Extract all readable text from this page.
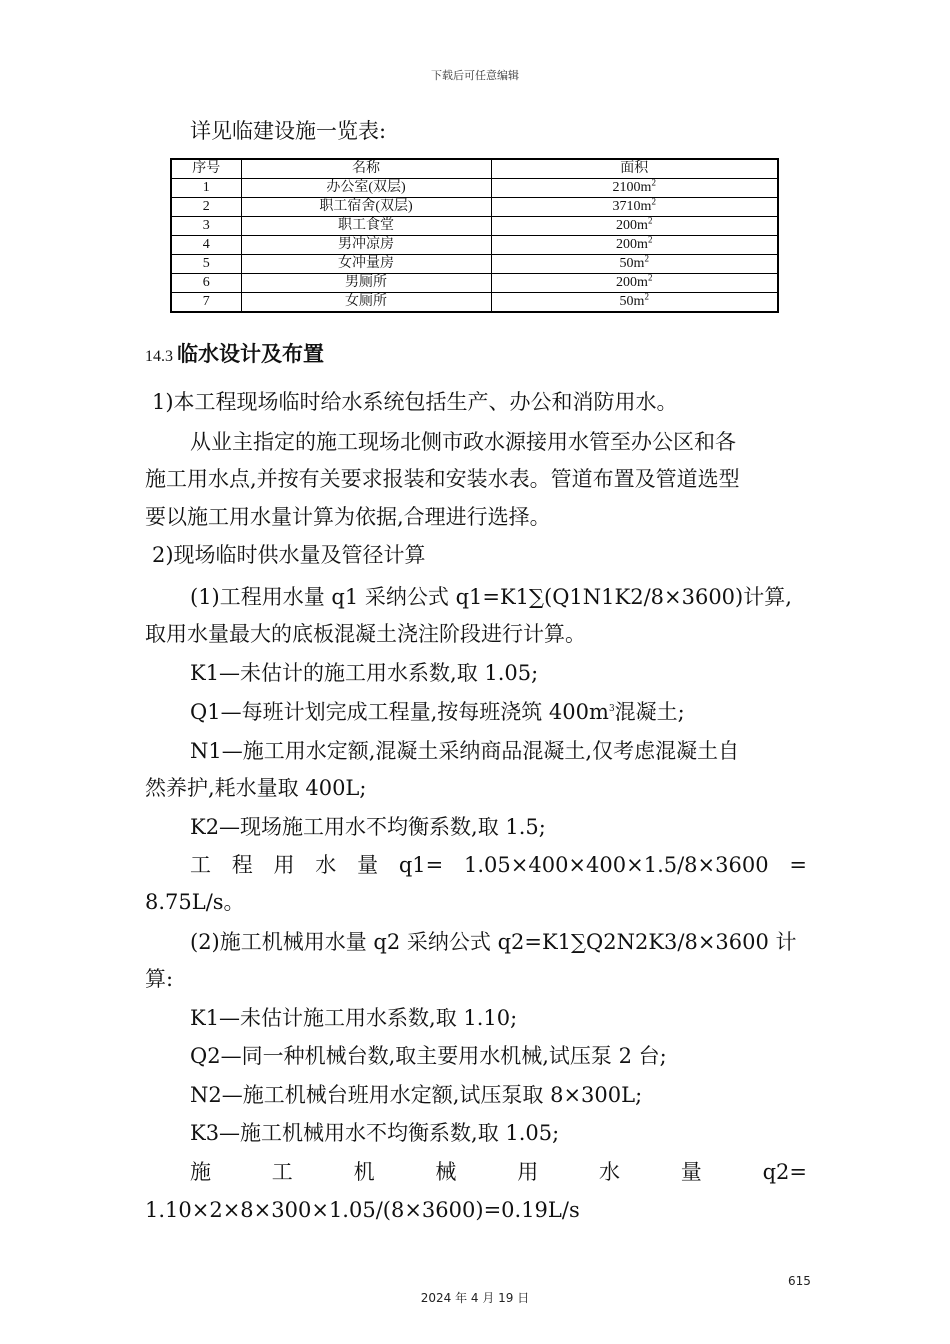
下载后可任意编辑
详见临建设施一览表:
序号	名称	面积
1	办公室(双层)	$2100m^2$
2	职工宿舍(双层)	$3710m^2$
3	职工食堂	$200m^2$
4	男冲凉房	$200m^2$
5	女冲量房	$50m^2$
6	男厕所	$200m^2$
7	女厕所	$50m^2$
14.3 临水设计及布置
1)本工程现场临时给水系统包括生产、办公和消防用水。
从业主指定的施工现场北侧市政水源接用水管至办公区和各
施工用水点,并按有关要求报装和安装水表。管道布置及管道选型
要以施工用水量计算为依据,合理进行选择。
2)现场临时供水量及管径计算
(1)工程用水量 q1 采纳公式 q1=K1∑(Q1N1K2/8×3600)计算,
取用水量最大的底板混凝土浇注阶段进行计算。
K1—未估计的施工用水系数,取 1.05;
Q1—每班计划完成工程量,按每班浇筑 $400m^3$混凝土;
N1—施工用水定额,混凝土采纳商品混凝土,仅考虑混凝土自
然养护,耗水量取 400L;
K2—现场施工用水不均衡系数,取 1.5;
工 程 用 水 量 q1= 1.05×400×400×1.5/8×3600 =
8.75L/s。
(2)施工机械用水量 q2 采纳公式 q2=K1∑Q2N2K3/8×3600 计
算:
K1—未估计施工用水系数,取 1.10;
Q2—同一种机械台数,取主要用水机械,试压泵 2 台;
N2—施工机械台班用水定额,试压泵取 8×300L;
K3—施工机械用水不均衡系数,取 1.05;
施	工	机	械	用	水	量	q2=
1.10×2×8×300×1.05/(8×3600)=0.19L/s
615
2024 年 4 月 19 日
